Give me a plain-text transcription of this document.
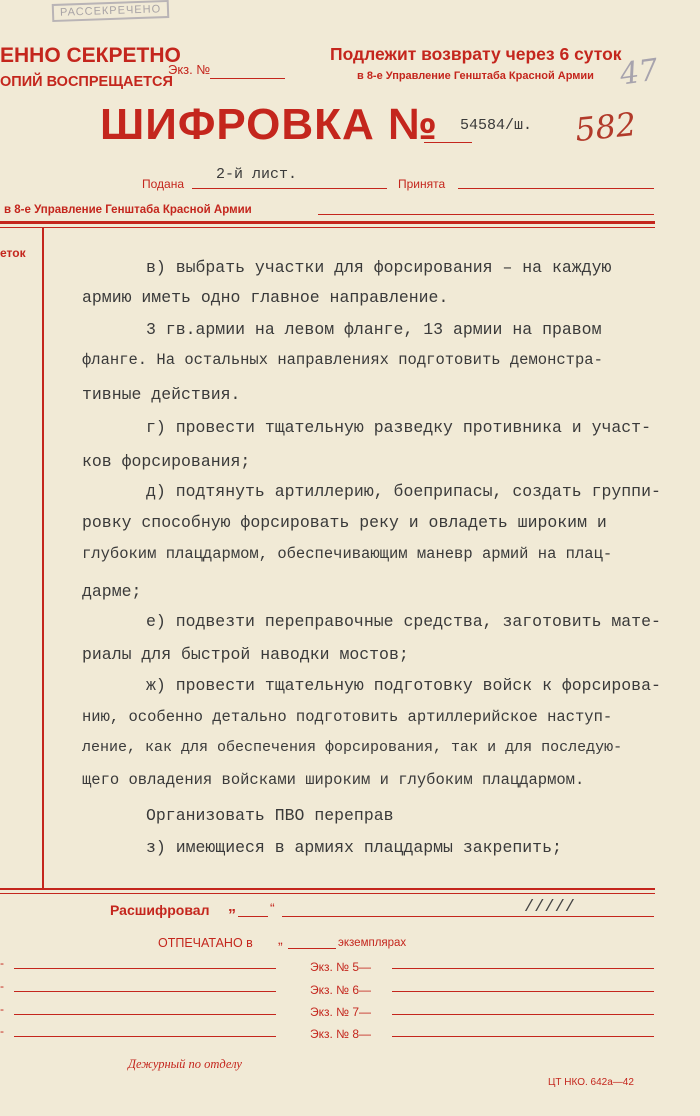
РАССЕКРЕЧЕНО
ЕННО СЕКРЕТНО
ОПИЙ ВОСПРЕЩАЕТСЯ
Экз. №
Подлежит возврату через 6 суток
в 8-е Управление Генштаба Красной Армии 47
ШИФРОВКА № 54584/ш. 582
Подана
2-й лист.
Принята
в 8-е Управление Генштаба Красной Армии
еток
в) выбрать участки для форсирования – на каждую
армию иметь одно главное направление.
3 гв.армии на левом фланге, 13 армии на правом
фланге. На остальных направлениях подготовить демонстра-
тивные действия.
г) провести тщательную разведку противника и участ-
ков форсирования;
д) подтянуть артиллерию, боеприпасы, создать группи-
ровку способную форсировать реку и овладеть широким и
глубоким плацдармом, обеспечивающим маневр армий на плац-
дарме;
е) подвезти переправочные средства, заготовить мате-
риалы для быстрой наводки мостов;
ж) провести тщательную подготовку войск к форсирова-
нию, особенно детально подготовить артиллерийское наступ-
ление, как для обеспечения форсирования, так и для последую-
щего овладения войсками широким и глубоким плацдармом.
Организовать ПВО переправ
з) имеющиеся в армиях плацдармы закрепить;
Расшифровал „ “	/////
ОТПЕЧАТАНО в „	экземплярах
-	Экз. № 5—
-	Экз. № 6—
-	Экз. № 7—
-	Экз. № 8—
Дежурный по отделу
ЦТ НКО. 642а—42
